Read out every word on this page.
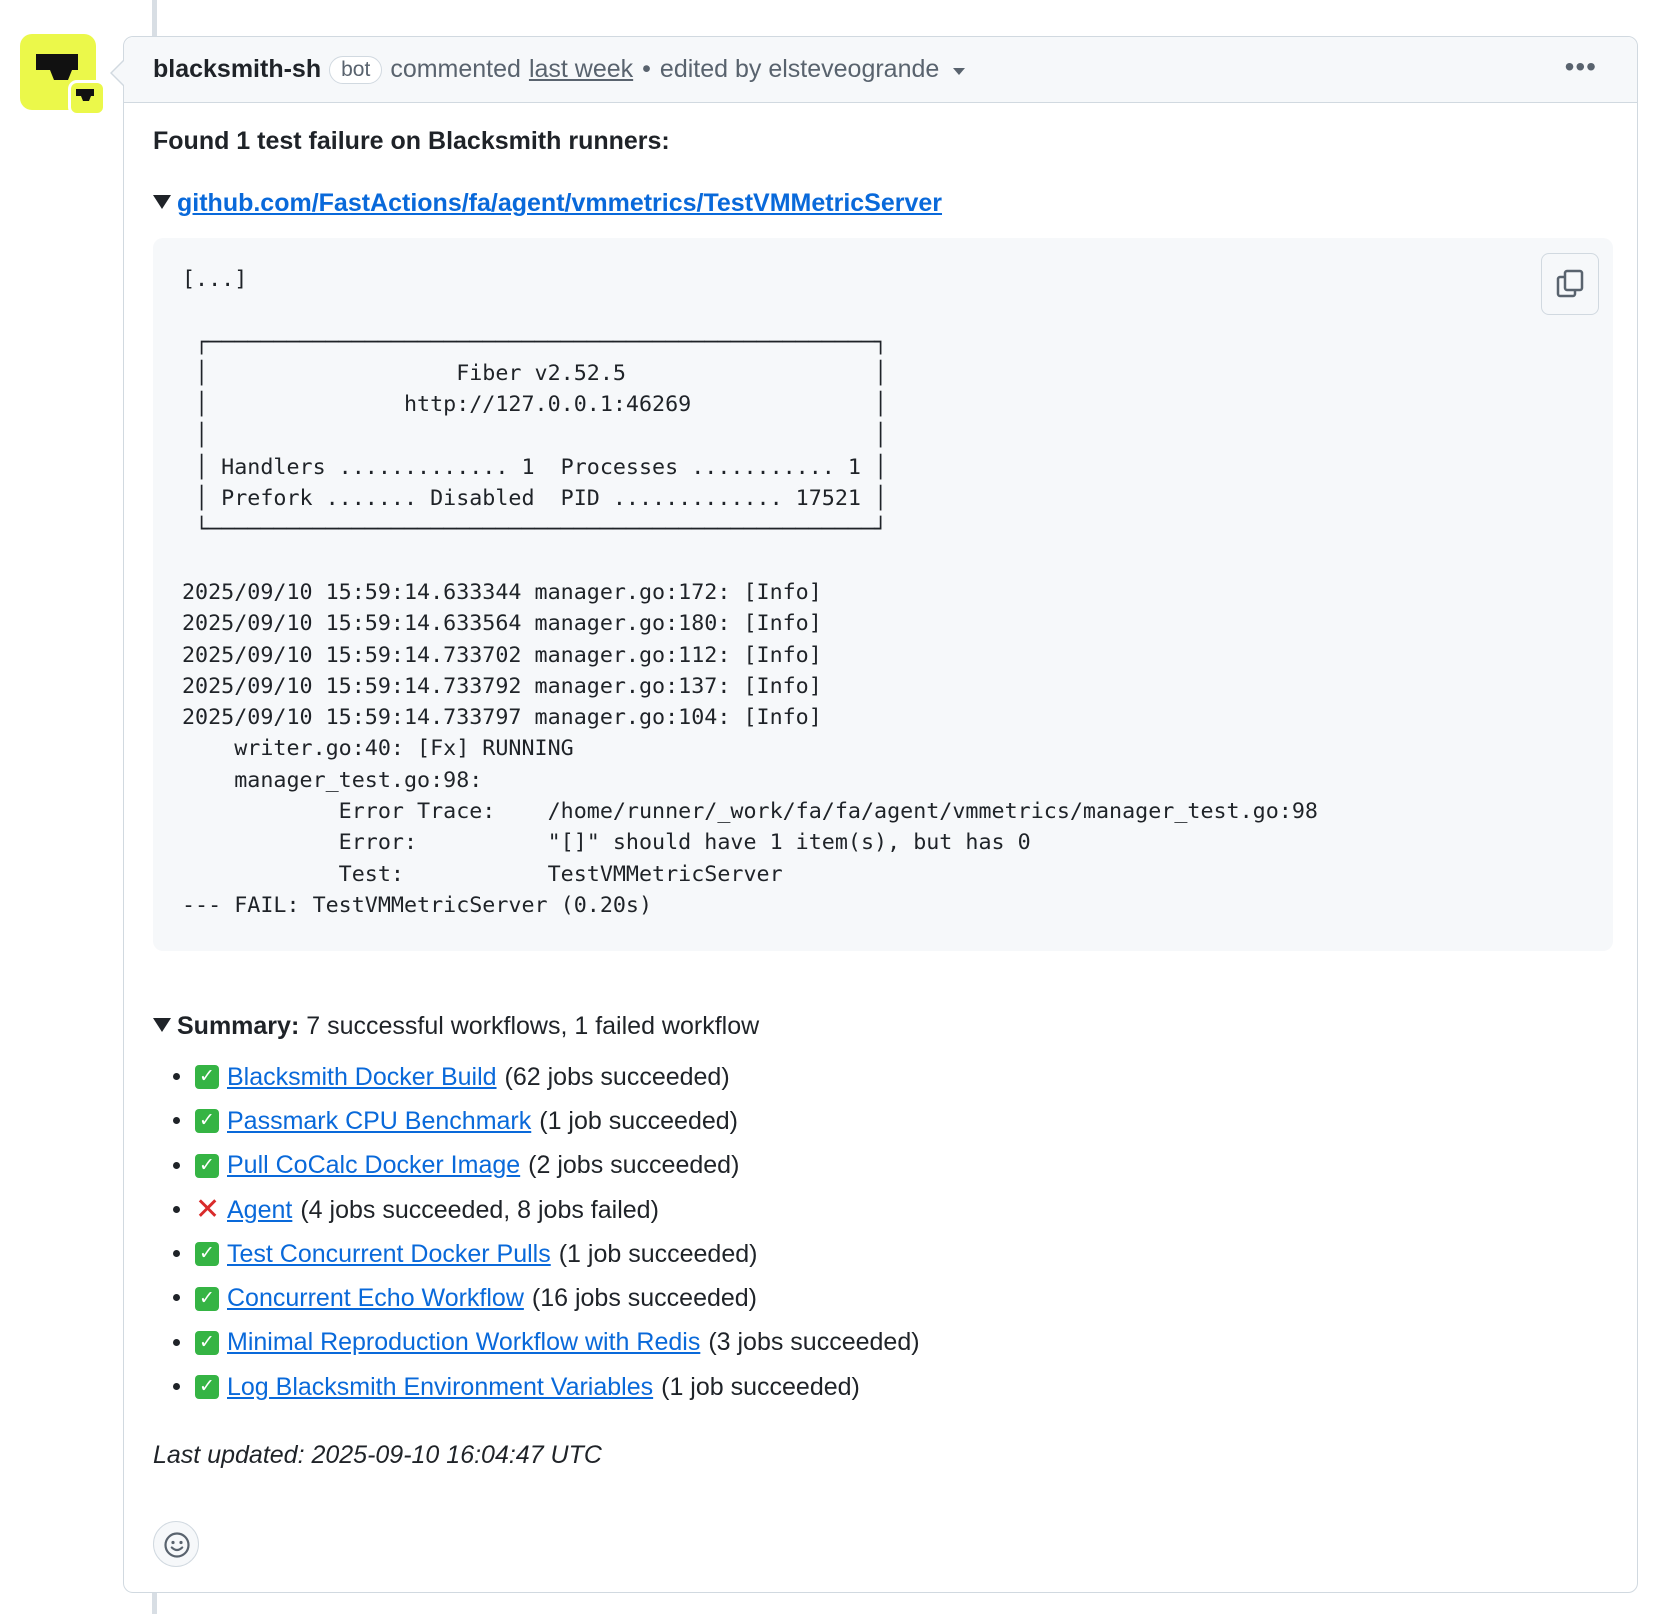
blacksmith-sh bot commented last week • edited by elsteveogrande	•••
Found 1 test failure on Blacksmith runners:
github.com/FastActions/fa/agent/vmmetrics/TestVMMetricServer
[...]

┌───────────────────────────────────────────────────┐
│                   Fiber v2.52.5                   │
│               http://127.0.0.1:46269              │
│                                                   │
│ Handlers ............. 1  Processes ........... 1 │
│ Prefork ....... Disabled  PID ............. 17521 │
└───────────────────────────────────────────────────┘

2025/09/10 15:59:14.633344 manager.go:172: [Info]
2025/09/10 15:59:14.633564 manager.go:180: [Info]
2025/09/10 15:59:14.733702 manager.go:112: [Info]
2025/09/10 15:59:14.733792 manager.go:137: [Info]
2025/09/10 15:59:14.733797 manager.go:104: [Info]
writer.go:40: [Fx] RUNNING
manager_test.go:98:
Error Trace:    /home/runner/_work/fa/fa/agent/vmmetrics/manager_test.go:98
Error:          "[]" should have 1 item(s), but has 0
Test:           TestVMMetricServer
--- FAIL: TestVMMetricServer (0.20s)
Summary: 7 successful workflows, 1 failed workflow
✓ Blacksmith Docker Build (62 jobs succeeded)
✓ Passmark CPU Benchmark (1 job succeeded)
✓ Pull CoCalc Docker Image (2 jobs succeeded)
✕ Agent (4 jobs succeeded, 8 jobs failed)
✓ Test Concurrent Docker Pulls (1 job succeeded)
✓ Concurrent Echo Workflow (16 jobs succeeded)
✓ Minimal Reproduction Workflow with Redis (3 jobs succeeded)
✓ Log Blacksmith Environment Variables (1 job succeeded)
Last updated: 2025-09-10 16:04:47 UTC
